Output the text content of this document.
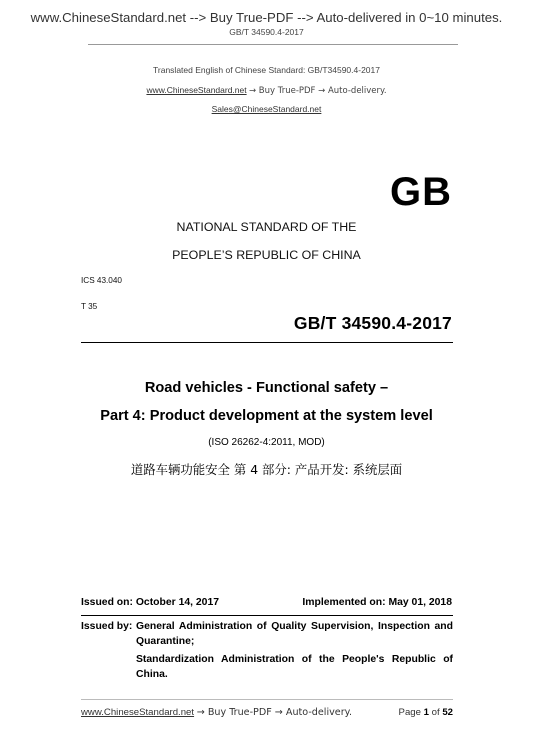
www.ChineseStandard.net --> Buy True-PDF --> Auto-delivered in 0~10 minutes.
GB/T 34590.4-2017
Translated English of Chinese Standard: GB/T34590.4-2017
www.ChineseStandard.net → Buy True-PDF → Auto-delivery.
Sales@ChineseStandard.net
GB
NATIONAL STANDARD OF THE
PEOPLE’S REPUBLIC OF CHINA
ICS 43.040
T 35
GB/T 34590.4-2017
Road vehicles - Functional safety –
Part 4: Product development at the system level
(ISO 26262-4:2011, MOD)
道路车辆功能安全 第 4 部分: 产品开发: 系统层面
Issued on: October 14, 2017	Implemented on: May 01, 2018
Issued by: General Administration of Quality Supervision, Inspection and Quarantine;
Standardization Administration of the People's Republic of China.
www.ChineseStandard.net → Buy True-PDF → Auto-delivery.	Page 1 of 52
